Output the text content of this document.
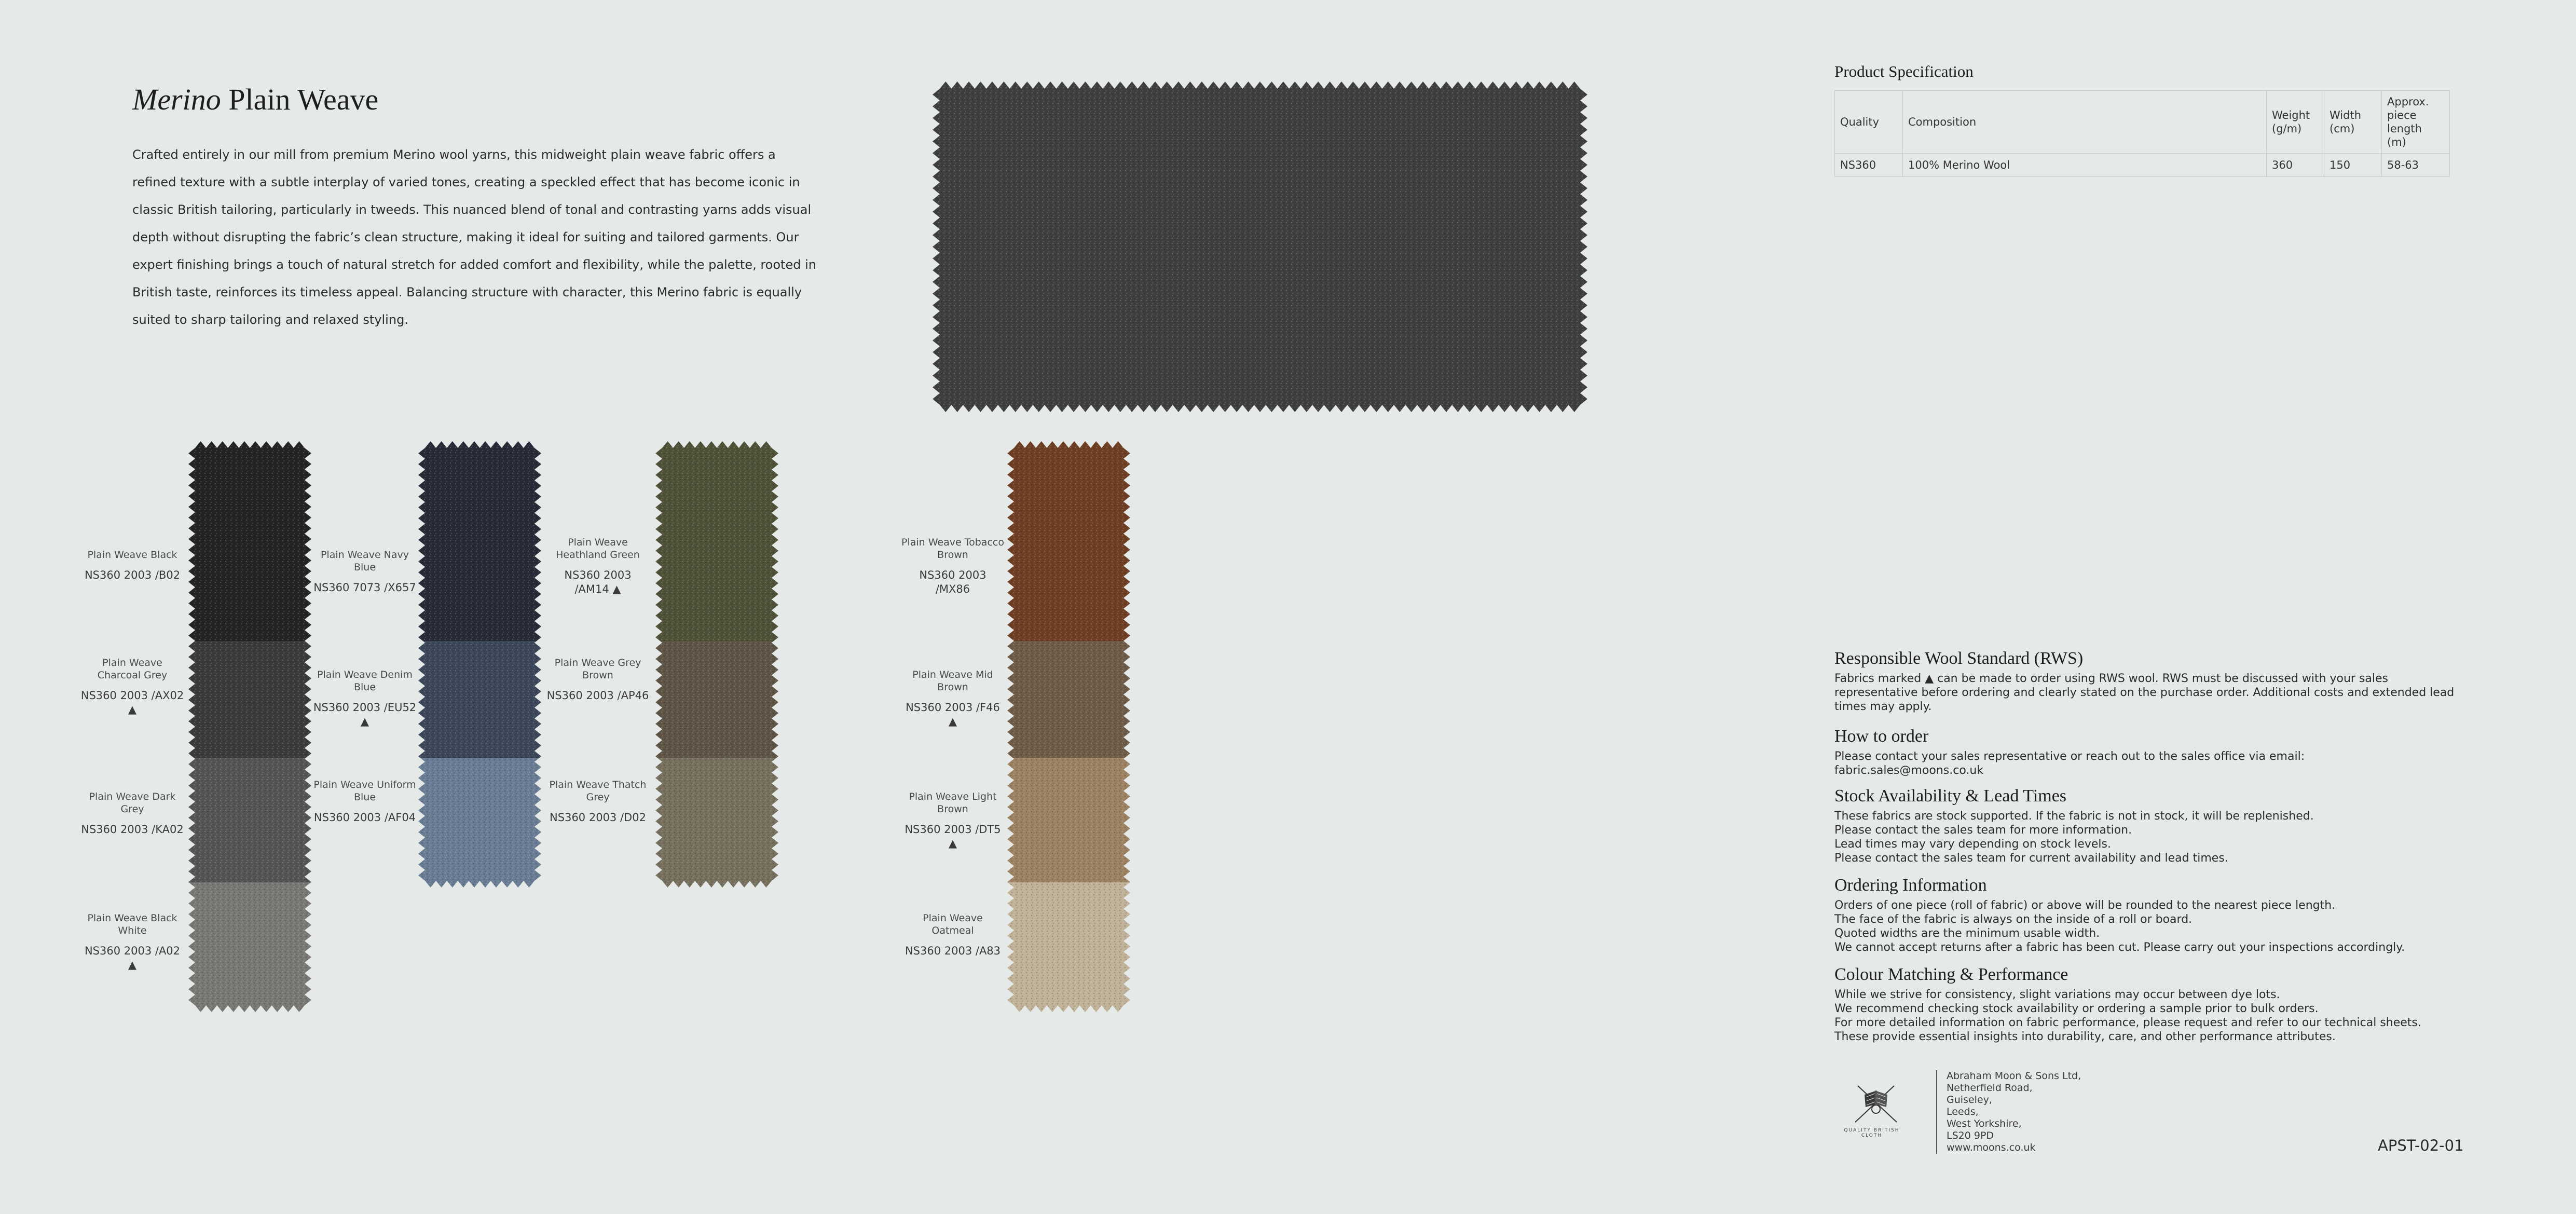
Merino Plain Weave
Crafted entirely in our mill from premium Merino wool yarns, this midweight plain weave fabric offers a refined texture with a subtle interplay of varied tones, creating a speckled effect that has become iconic in classic British tailoring, particularly in tweeds. This nuanced blend of tonal and contrasting yarns adds visual depth without disrupting the fabric’s clean structure, making it ideal for suiting and tailored garments. Our expert finishing brings a touch of natural stretch for added comfort and flexibility, while the palette, rooted in British taste, reinforces its timeless appeal. Balancing structure with character, this Merino fabric is equally suited to sharp tailoring and relaxed styling.
Plain Weave Black
NS360 2003 /B02
Plain Weave Charcoal Grey
NS360 2003 /AX02 ▲
Plain Weave Dark Grey
NS360 2003 /KA02
Plain Weave Black White
NS360 2003 /A02 ▲
Plain Weave Navy Blue
NS360 7073 /X657
Plain Weave Denim Blue
NS360 2003 /EU52 ▲
Plain Weave Uniform Blue
NS360 2003 /AF04
Plain Weave Heathland Green
NS360 2003 /AM14 ▲
Plain Weave Grey Brown
NS360 2003 /AP46
Plain Weave Thatch Grey
NS360 2003 /D02
Plain Weave Tobacco Brown
NS360 2003 /MX86
Plain Weave Mid Brown
NS360 2003 /F46 ▲
Plain Weave Light Brown
NS360 2003 /DT5 ▲
Plain Weave Oatmeal
NS360 2003 /A83
Product Specification
Quality	Composition	Weight (g/m)	Width (cm)	Approx. piece length (m)
NS360	100% Merino Wool	360	150	58-63
Responsible Wool Standard (RWS)
Fabrics marked ▲ can be made to order using RWS wool. RWS must be discussed with your sales representative before ordering and clearly stated on the purchase order. Additional costs and extended lead times may apply.
How to order
Please contact your sales representative or reach out to the sales office via email:
fabric.sales@moons.co.uk
Stock Availability & Lead Times
These fabrics are stock supported. If the fabric is not in stock, it will be replenished.
Please contact the sales team for more information.
Lead times may vary depending on stock levels.
Please contact the sales team for current availability and lead times.
Ordering Information
Orders of one piece (roll of fabric) or above will be rounded to the nearest piece length.
The face of the fabric is always on the inside of a roll or board.
Quoted widths are the minimum usable width.
We cannot accept returns after a fabric has been cut. Please carry out your inspections accordingly.
Colour Matching & Performance
While we strive for consistency, slight variations may occur between dye lots.
We recommend checking stock availability or ordering a sample prior to bulk orders.
For more detailed information on fabric performance, please request and refer to our technical sheets.
These provide essential insights into durability, care, and other performance attributes.
QUALITY BRITISH CLOTH
Abraham Moon & Sons Ltd,
Netherfield Road,
Guiseley,
Leeds,
West Yorkshire,
LS20 9PD
www.moons.co.uk	APST-02-01
